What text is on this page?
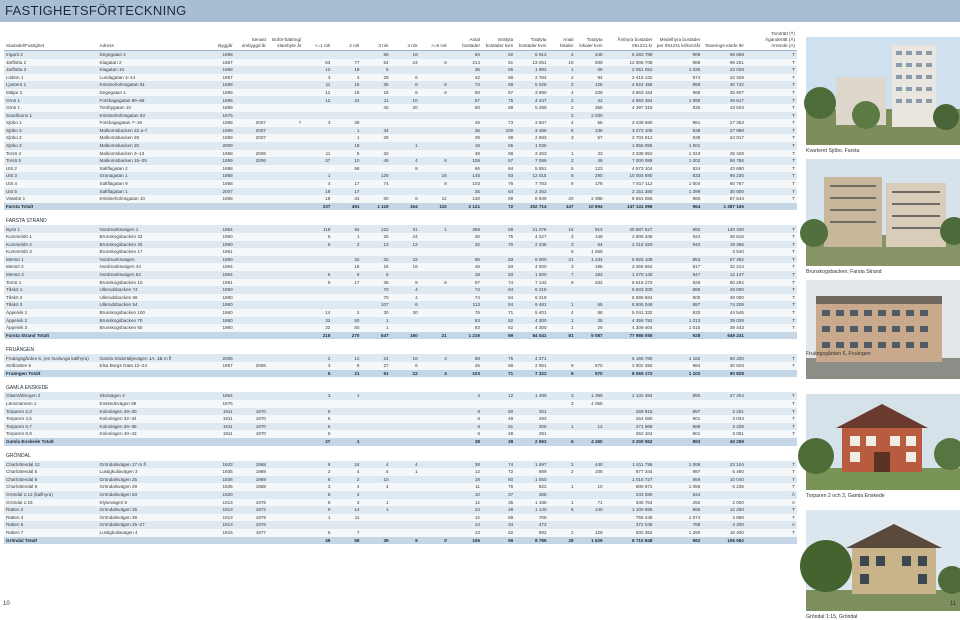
FASTIGHETSFÖRTECKNING
Stadsdel/Fastighet	Adress	Byggår	Senast ombyggd år	Boför-bättring/ stambyte år	<=1 rok	2 rok	3 rok	4 rok	>=5 rok	Antal bostäder	Snittyta bostäder kvm	Totalyta bostäder kvm	Antal lokaler	Totalyta lokaler kvm	Årshyra bostäder 091231 kr	Medelhyra bostäder per 091231 kr/kvm/år	Taxerings-värde tkr	Tomträtt (T) Äganderätt (Ä) Arrende (A)
Ingarö 2	Degegatan 2	1958					66	18		84	82	6 912	4	448	6 283 788	909	59 698	T
Järflotta 2	Klagatan 2	1957			53	77	54	24	6	214	61	13 051	19	939	12 906 708	989	99 251	T
Järflotta 3	Klagatan 10	1958			12	18	6			36	55	1 992	1	68	2 051 052	1 030	23 028	T
Lisbön 1	Lundagatan 4–14	1957			3	4	29	6		42	66	2 764	2	94	2 415 132	874	22 329	T
Ljusterö 1	Kristineholmsgatan 81	1958			11	15	36	6	6	74	68	5 028	2	126	4 824 156	959	40 742	T
Mäljar 2	Degegatan 1	1958			12	18	18	6	6	60	67	3 990	4	239	3 863 184	968	35 907	T
Ornö 1	Forshagagatan 66–68	1996			12	24	11	10		57	75	4 247	2	42	4 650 384	1 095	49 817	T
Ornö 1	Torsbygatan 10	1959					40	20		60	88	5 299	2	355	4 397 316	830	43 503	T
Sandhamn 1	Kristineholmsgatan 63	1976											2	2 030				T
Sjöbo 1	Forshagagatan 7–19	1958	2007	7	3	39				49	73	3 507	4	55	3 439 680	981	27 353	T
Sjöbo 3	Malkomsbacken 22 a–f	1959	2007			1	34			35	100	3 488	5	138	3 273 108	938	27 998	T
Sjöbo 3	Malkomsbacken 28	1959	2007			1	28			29	99	2 883	3	57	2 704 812	938	24 017	T
Sjöbo 3	Malkomsbacken 20	2009				18		1		19	55	1 036			1 555 056	1 501		T
Torsö 4	Malkomsbacken 3–13	1958	2006		11	5	32			48	68	3 263	1	33	3 338 952	1 023	25 428	T
Torsö 5	Malkomsbacken 15–35	1959	2006		37	10	49	4	6	106	67	7 086	2	48	7 000 088	1 002	56 786	T
Utö 2	Saltflagatan 2	1958				58		8		66	84	5 551	5	123	4 573 104	824	43 690	T
Utö 3	Granagatan 1	1958			1		128		16	145	83	12 015	8	290	10 004 580	833	95 235	T
Utö 4	Saltflagatan 9	1958			4	17	74		8	103	76	7 783	6	178	7 817 112	1 004	60 767	T
Utö 5	Saltflagatan 1	2007			18	17				35	64	2 252			3 151 380	1 399	30 800	T
Vässbö 1	Kristineholmsgatan 10	1958			18	34	60	6	12	130	69	8 949	20	2 396	8 591 556	960	87 644	T
Farsta Totalt					237	491	1 119	164	110	2 121	72	152 714	147	10 694	147 141 096	964	1 287 165	

FARSTA STRAND																		
Bysö 1	Nordmarksvägen 1	1964			118	94	122	31	1	366	58	21 076	16	913	20 687 627	982	120 340	T
Kummeldö 1	Brunskogsbacken 33	1960			6	1	25	24		36	75	4 227	3	149	3 906 336	924	36 616	T
Kummeldö 2	Brunskogsbacken 25	1960			6	2	12	12		32	70	2 236	3	54	2 218 320	940	19 366	T
Kummeldö 3	Brunskogsbacken 17	1961											9	1 559			3 540	T
Mensö 1	Nordmarksvägen	1960				32	32	32		96	83	8 000	21	1 234	6 825 108	853	67 492	T
Mensö 2	Nordmarksvägen 44	1964				16	16	16		48	83	4 000	3	196	3 266 652	817	32 214	T
Mensö 3	Nordmarksvägen 62	1964			6	6	6			18	83	1 500	7	183	1 270 140	847	12 147	T
Tornö 1	Brunskogsbacken 10	1961			9	17	36	9	6	97	74	7 142	9	332	6 616 272	926	60 292	T
Tåskö 1	Ullerudsbacken 74	1960					70	4		74	84	6 218			5 503 200	885	49 000	T
Tåskö 2	Ullerudsbacken 66	1960					70	4		74	84	6 218			5 596 584	900	49 000	T
Tåskö 3	Ullerudsbacken 54	1960					107	6		113	84	9 481	1	65	8 505 048	897	74 208	T
Äppelvik 1	Brunskogsbacken 100	1960			14	2	30	30		76	71	5 401	4	88	5 041 332	933	44 545	T
Äppelvik 2	Brunskogsbacken 70	1960			32	50	1			83	52	4 300	1	25	4 356 792	1 013	39 038	T
Äppelvik 3	Brunskogsbacken 50	1960			32	50	1			83	52	4 300	1	25	4 309 404	1 015	39 443	T
Farsta Strand Totalt					218	270	547	160	21	1 216	69	84 041	81	5 087	77 986 055	928	649 241	

FRUÄNGEN																		
Fruängsgården 6, (en huvlunga kallhyra)	Gamla Södertäljevägen 1A, 1B m fl	2006			2	12	24	16	4	58	75	4 371			5 166 780	1 182	60 200	T
Strålratten 5	Elsa Borgs Gata 12–24	1957	2006		3	9	27	6		45	66	2 951	9	570	2 902 392	984	30 628	T
Fruängen Totalt					5	21	51	22	4	103	71	7 322	9	570	8 069 172	1 102	90 828	

GAMLA ENSKEDE																		
Glasmålningen 2	Skolvägen 4	1964			3	1				4	12	1 499	3	1 399	2 132 484	890	27 204	T
Länsmannen 1	Enskedevägen 89	1976											3	4 068				T
Torparen 2,3	Koloniägen 28–30	1911	1970		6					6	50	301			269 916	897	3 201	T
Torparen 4,5	Koloniägen 32–34	1911	1970		6					6	49	293			264 080	901	3 034	T
Torparen 6,7	Koloniägen 36–38	1911	1970		6					6	51	306	1	12	271 968	889	3 339	T
Torparen 8,9	Koloniägen 40–42	1911	1970		6					6	48	291			262 104	901	3 061	T
Gamla Enskede Totalt					27	1				28	39	2 593	6	4 260	3 200 552	893	40 259	

GRÖNDAL																		
Charlottendal 12	Gröndalsvägen 17 m fl	1933	1988		6	24	4	4		38	74	1 697	2	440	1 811 796	1 068	23 104	T
Charlottendal 5	Lustigkullavägen 3	1935	1989		2	4	5	1		12	72	889	2	108	877 344	987	6 460	T
Charlottendal 8	Gröndalsvägen 25	1936	1989		6	2	10			18	60	1 060			1 016 727	959	10 040	T
Charlottendal 9	Gröndalsvägen 29	1935	1988		3	4	4			11	75	822	1	10	805 872	1 056	6 236	T
Gröndal 1:12 (kallhyra)	Gröndalsvägen 83	1920			8	2				10	37	368			233 280	634		Ä
Gröndal 1:15	Klysevägen 5	1913	1975		8	3	1			12	35	1 186	1	71	346 764	292	2 000	A
Ratten 2	Gröndalsvägen 35	1913	1972		9	14	1			24	48	1 140	5	140	1 100 856	965	12 260	T
Ratten 3	Gröndalsvägen 39	1913	1979		1	11				12	59	706			758 448	1 074	4 860	T
Ratten 5	Gröndalsvägen 25–27	1913	1976							14	34	473			372 048	786	4 200	A
Ratten 7	Lustigkullavägen 4	1915	1977		6	7				13	52	992	2	129	830 352	1 290	16 400	T
Gröndal Totalt					49	59	39	9	0	156	56	8 785	28	1 629	8 710 848	992	106 062	
Kvarteret Sjöbo, Farsta
Brunskogsbacken, Farsta Strand
Fruängsgården 6, Fruängen
Torparen 2 och 3, Gamla Enskede
Gröndal 1:15, Gröndal
10	11
